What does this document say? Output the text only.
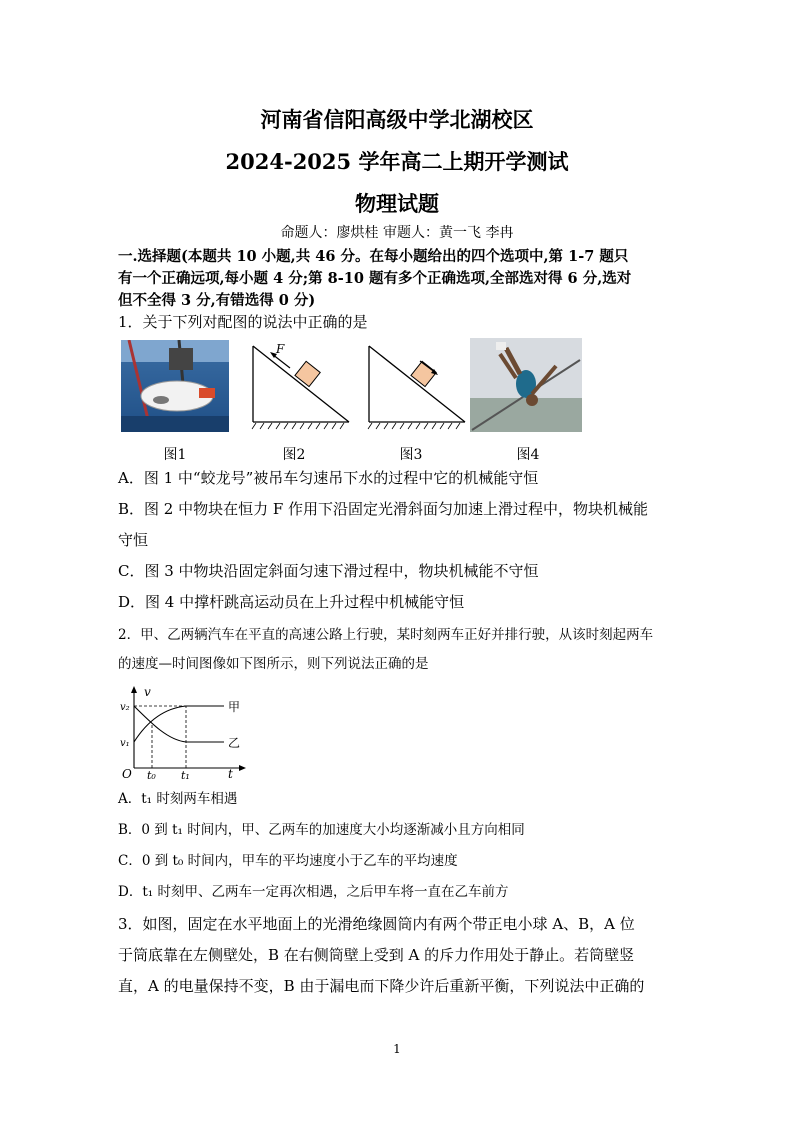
河南省信阳高级中学北湖校区
2024-2025 学年高二上期开学测试
物理试题
命题人：廖烘桂 审题人：黄一飞 李冉
一.选择题(本题共 10 小题,共 46 分。在每小题给出的四个选项中,第 1-7 题只
有一个正确远项,每小题 4 分;第 8-10 题有多个正确选项,全部选对得 6 分,选对
但不全得 3 分,有错选得 0 分)
1．关于下列对配图的说法中正确的是
F
图1	图2	图3	图4
A．图 1 中“蛟龙号”被吊车匀速吊下水的过程中它的机械能守恒
B．图 2 中物块在恒力 F 作用下沿固定光滑斜面匀加速上滑过程中，物块机械能
守恒
C．图 3 中物块沿固定斜面匀速下滑过程中，物块机械能不守恒
D．图 4 中撑杆跳高运动员在上升过程中机械能守恒
2．甲、乙两辆汽车在平直的高速公路上行驶，某时刻两车正好并排行驶，从该时刻起两车
的速度—时间图像如下图所示，则下列说法正确的是
v
v₂
v₁
O t₀ t₁	t
甲
乙
A．t₁ 时刻两车相遇
B．0 到 t₁ 时间内，甲、乙两车的加速度大小均逐渐减小且方向相同
C．0 到 t₀ 时间内，甲车的平均速度小于乙车的平均速度
D．t₁ 时刻甲、乙两车一定再次相遇，之后甲车将一直在乙车前方
3．如图，固定在水平地面上的光滑绝缘圆筒内有两个带正电小球 A、B，A 位
于筒底靠在左侧壁处，B 在右侧筒壁上受到 A 的斥力作用处于静止。若筒壁竖
直，A 的电量保持不变，B 由于漏电而下降少许后重新平衡，下列说法中正确的
1
